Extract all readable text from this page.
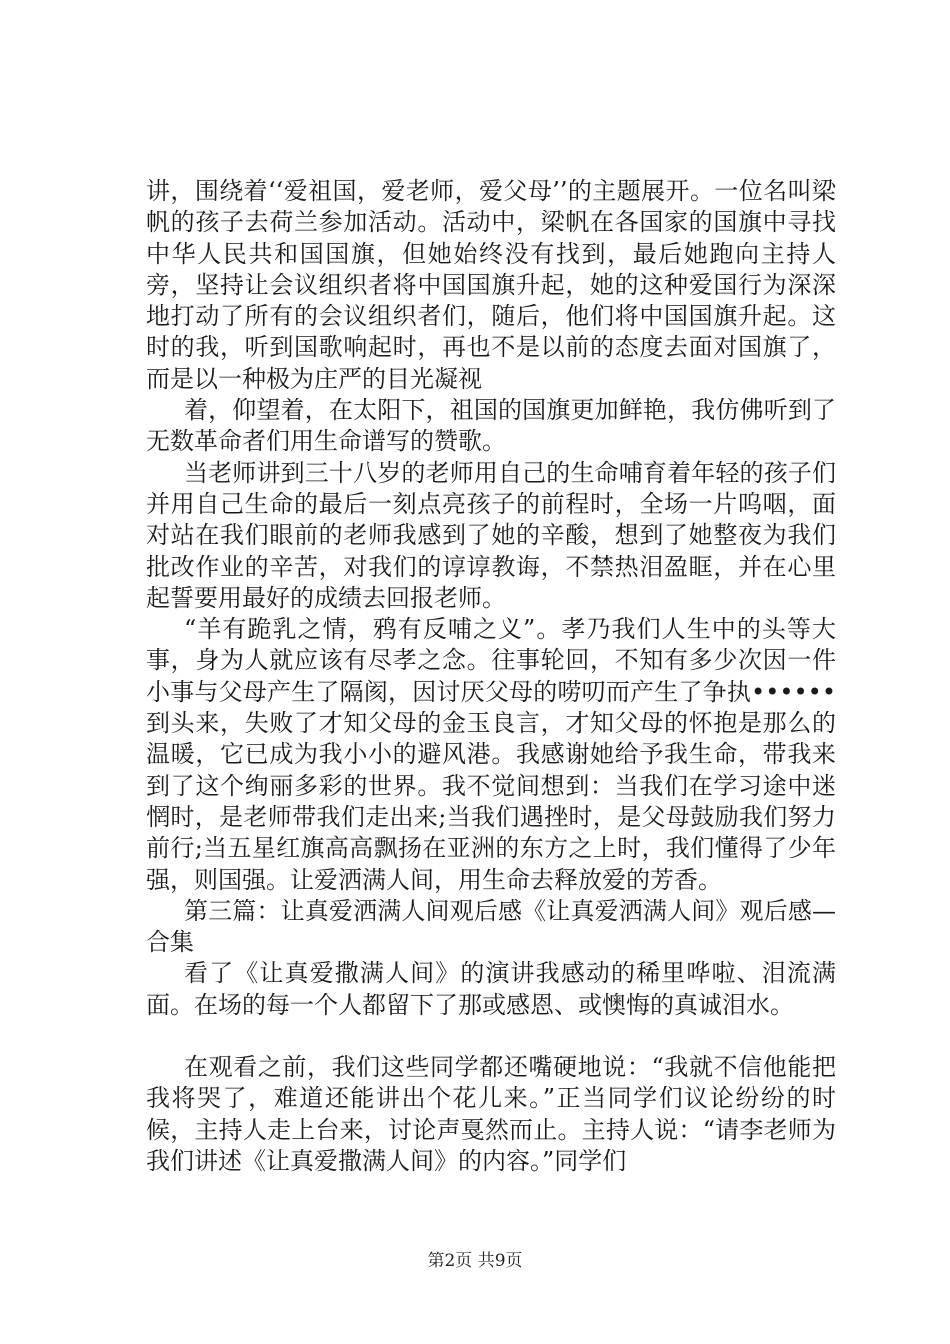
讲，围绕着‘‘爱祖国，爱老师，爱父母’’的主题展开。一位名叫梁帆的孩子去荷兰参加活动。活动中，梁帆在各国家的国旗中寻找中华人民共和国国旗，但她始终没有找到，最后她跑向主持人旁，坚持让会议组织者将中国国旗升起，她的这种爱国行为深深地打动了所有的会议组织者们，随后，他们将中国国旗升起。这时的我，听到国歌响起时，再也不是以前的态度去面对国旗了，而是以一种极为庄严的目光凝视

着，仰望着，在太阳下，祖国的国旗更加鲜艳，我仿佛听到了无数革命者们用生命谱写的赞歌。

当老师讲到三十八岁的老师用自己的生命哺育着年轻的孩子们并用自己生命的最后一刻点亮孩子的前程时，全场一片呜咽，面对站在我们眼前的老师我感到了她的辛酸，想到了她整夜为我们批改作业的辛苦，对我们的谆谆教诲，不禁热泪盈眶，并在心里起誓要用最好的成绩去回报老师。

“羊有跪乳之情，鸦有反哺之义”。孝乃我们人生中的头等大事，身为人就应该有尽孝之念。往事轮回，不知有多少次因一件小事与父母产生了隔阂，因讨厌父母的唠叨而产生了争执••••••到头来，失败了才知父母的金玉良言，才知父母的怀抱是那么的温暖，它已成为我小小的避风港。我感谢她给予我生命，带我来到了这个绚丽多彩的世界。我不觉间想到：当我们在学习途中迷惘时，是老师带我们走出来;当我们遇挫时，是父母鼓励我们努力前行;当五星红旗高高飘扬在亚洲的东方之上时，我们懂得了少年强，则国强。让爱洒满人间，用生命去释放爱的芳香。

第三篇：让真爱洒满人间观后感《让真爱洒满人间》观后感—合集

看了《让真爱撒满人间》的演讲我感动的稀里哗啦、泪流满面。在场的每一个人都留下了那或感恩、或懊悔的真诚泪水。

在观看之前，我们这些同学都还嘴硬地说：“我就不信他能把我将哭了，难道还能讲出个花儿来。”正当同学们议论纷纷的时候，主持人走上台来，讨论声戛然而止。主持人说：“请李老师为我们讲述《让真爱撒满人间》的内容。”同学们

第2页 共9页
